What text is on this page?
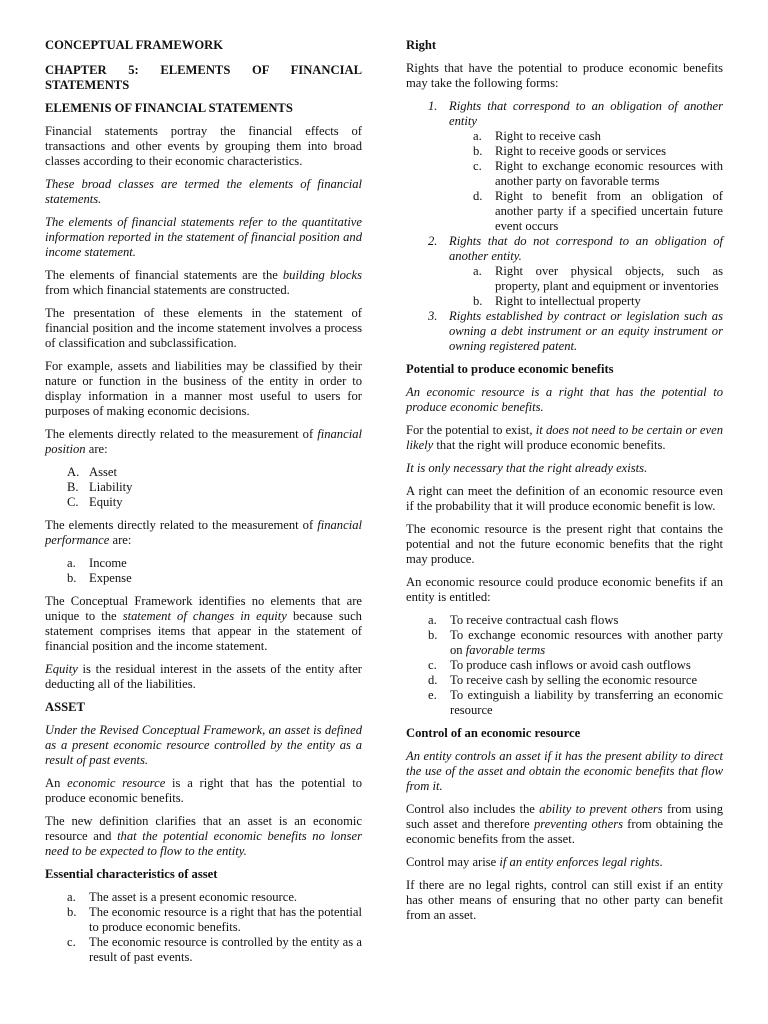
CONCEPTUAL FRAMEWORK
CHAPTER 5: ELEMENTS OF FINANCIAL STATEMENTS
ELEMENIS OF FINANCIAL STATEMENTS

Financial statements portray the financial effects of transactions and other events by grouping them into broad classes according to their economic characteristics.

These broad classes are termed the elements of financial statements.

The elements of financial statements refer to the quantitative information reported in the statement of financial position and income statement.

The elements of financial statements are the building blocks from which financial statements are constructed.

The presentation of these elements in the statement of financial position and the income statement involves a process of classification and subclassification.

For example, assets and liabilities may be classified by their nature or function in the business of the entity in order to display information in a manner most useful to users for purposes of making economic decisions.

The elements directly related to the measurement of financial position are:

A. Asset
B. Liability
C. Equity

The elements directly related to the measurement of financial performance are:

a.	Income
b. Expense

The Conceptual Framework identifies no elements that are unique to the statement of changes in equity because such statement comprises items that appear in the statement of financial position and the income statement.

Equity is the residual interest in the assets of the entity after deducting all of the liabilities.

ASSET

Under the Revised Conceptual Framework, an asset is defined as a present economic resource controlled by the entity as a result of past events.

An economic resource is a right that has the potential to produce economic benefits.

The new definition clarifies that an asset is an economic resource and that the potential economic benefits no lonser need to be expected to flow to the entity.

Essential characteristics of asset
a.	The asset is a present economic resource.
b. The economic resource is a right that has the potential to produce economic benefits.
c.	The economic resource is controlled by the entity as a result of past events.
Right

Rights that have the potential to produce economic benefits may take the following forms:

1. Rights that correspond to an obligation of another entity
a.	Right to receive cash
b. Right to receive goods or services
c.	Right to exchange economic resources with another party on favorable terms
d. Right to benefit from an obligation of another party if a specified uncertain future event occurs
2. Rights that do not correspond to an obligation of another entity.
a.	Right over physical objects, such as property, plant and equipment or inventories
b. Right to intellectual property
3. Rights established by contract or legislation such as owning a debt instrument or an equity instrument or owning registered patent.
Potential to produce economic benefits

An economic resource is a right that has the potential to produce economic benefits.

For the potential to exist, it does not need to be certain or even likely that the right will produce economic benefits.

It is only necessary that the right already exists.

A right can meet the definition of an economic resource even if the probability that it will produce economic benefit is low.

The economic resource is the present right that contains the potential and not the future economic benefits that the right may produce.

An economic resource could produce economic benefits if an entity is entitled:

a.	To receive contractual cash flows
b. To exchange economic resources with another party on favorable terms
c.	To produce cash inflows or avoid cash outflows
d. To receive cash by selling the economic resource
e.	To extinguish a liability by transferring an economic resource
Control of an economic resource

An entity controls an asset if it has the present ability to direct the use of the asset and obtain the economic benefits that flow from it.

Control also includes the ability to prevent others from using such asset and therefore preventing others from obtaining the economic benefits from the asset.

Control may arise if an entity enforces legal rights.

If there are no legal rights, control can still exist if an entity has other means of ensuring that no other party can benefit from an asset.
